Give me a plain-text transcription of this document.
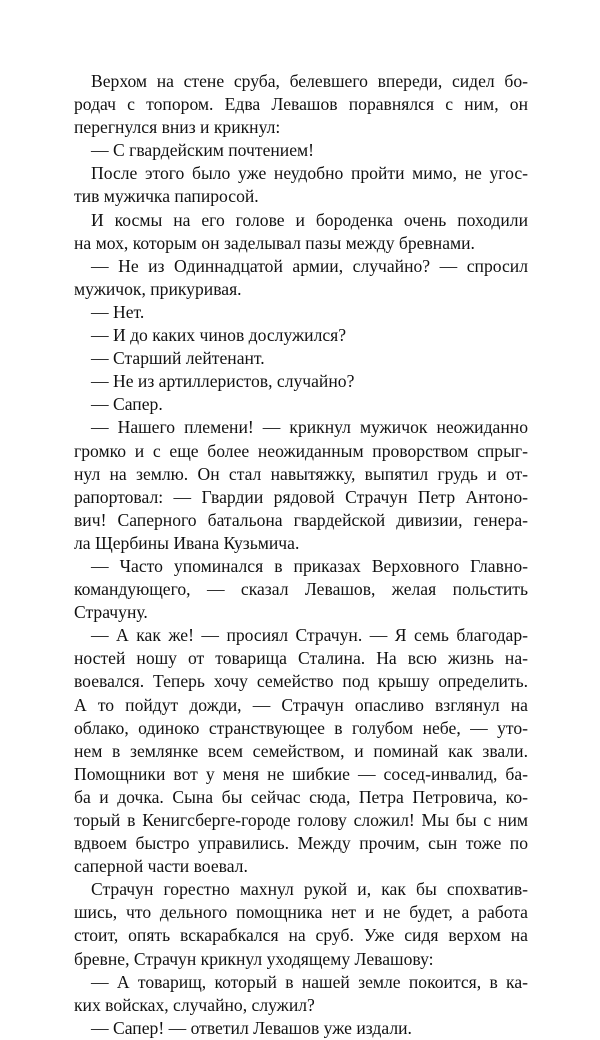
Верхом на стене сруба, белевшего впереди, сидел бо-
родач с топором. Едва Левашов поравнялся с ним, он
перегнулся вниз и крикнул:
— С гвардейским почтением!
После этого было уже неудобно пройти мимо, не угос-
тив мужичка папиросой.
И космы на его голове и бороденка очень походили
на мох, которым он заделывал пазы между бревнами.
— Не из Одиннадцатой армии, случайно? — спросил
мужичок, прикуривая.
— Нет.
— И до каких чинов дослужился?
— Старший лейтенант.
— Не из артиллеристов, случайно?
— Сапер.
— Нашего племени! — крикнул мужичок неожиданно
громко и с еще более неожиданным проворством спрыг-
нул на землю. Он стал навытяжку, выпятил грудь и от-
рапортовал: — Гвардии рядовой Страчун Петр Антоно-
вич! Саперного батальона гвардейской дивизии, генера-
ла Щербины Ивана Кузьмича.
— Часто упоминался в приказах Верховного Главно-
командующего, — сказал Левашов, желая польстить
Страчуну.
— А как же! — просиял Страчун. — Я семь благодар-
ностей ношу от товарища Сталина. На всю жизнь на-
воевался. Теперь хочу семейство под крышу определить.
А то пойдут дожди, — Страчун опасливо взглянул на
облако, одиноко странствующее в голубом небе, — уто-
нем в землянке всем семейством, и поминай как звали.
Помощники вот у меня не шибкие — сосед-инвалид, ба-
ба и дочка. Сына бы сейчас сюда, Петра Петровича, ко-
торый в Кенигсберге-городе голову сложил! Мы бы с ним
вдвоем быстро управились. Между прочим, сын тоже по
саперной части воевал.
Страчун горестно махнул рукой и, как бы спохватив-
шись, что дельного помощника нет и не будет, а работа
стоит, опять вскарабкался на сруб. Уже сидя верхом на
бревне, Страчун крикнул уходящему Левашову:
— А товарищ, который в нашей земле покоится, в ка-
ких войсках, случайно, служил?
— Сапер! — ответил Левашов уже издали.
